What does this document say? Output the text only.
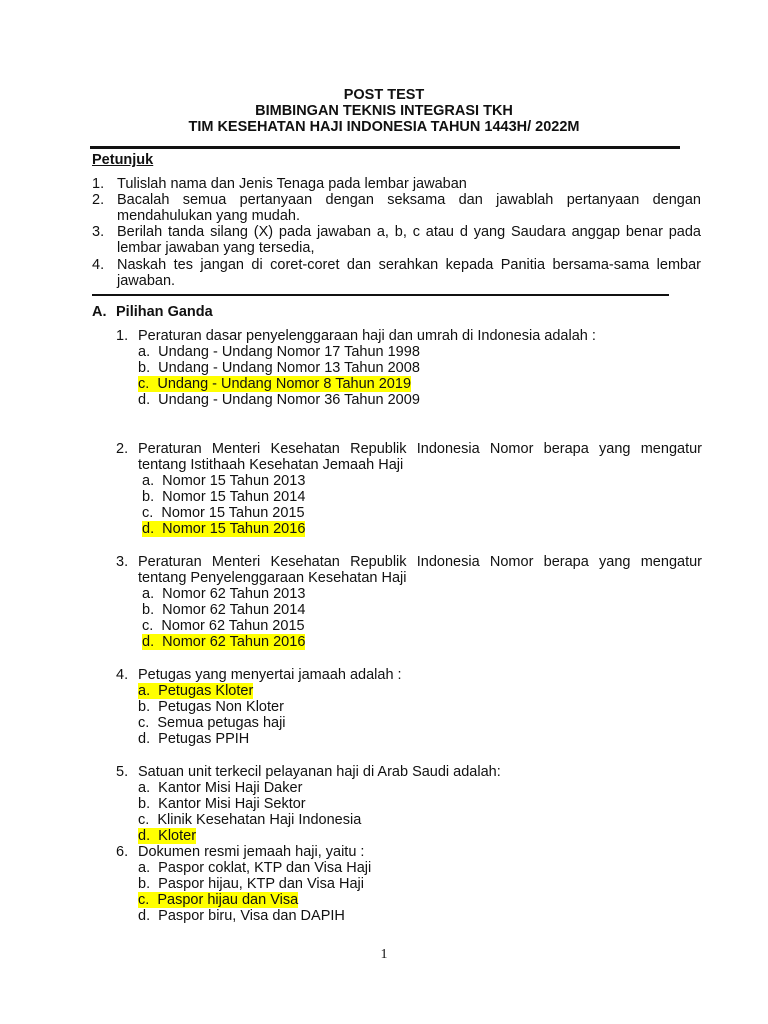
POST TEST
BIMBINGAN TEKNIS INTEGRASI TKH
TIM KESEHATAN HAJI INDONESIA TAHUN 1443H/ 2022M
Petunjuk
1. Tulislah nama dan Jenis Tenaga pada lembar jawaban
2. Bacalah semua pertanyaan dengan seksama dan jawablah pertanyaan dengan
mendahulukan yang mudah.
3. Berilah tanda silang (X) pada jawaban a, b, c atau d yang Saudara anggap benar pada
lembar jawaban yang tersedia,
4. Naskah tes jangan di coret-coret dan serahkan kepada Panitia bersama-sama lembar
jawaban.
A. Pilihan Ganda
1. Peraturan dasar penyelenggaraan haji dan umrah di Indonesia adalah :
a. Undang - Undang Nomor 17 Tahun 1998
b. Undang - Undang Nomor 13 Tahun 2008
c. Undang - Undang Nomor 8 Tahun 2019
d. Undang - Undang Nomor 36 Tahun 2009
2. Peraturan Menteri Kesehatan Republik Indonesia Nomor berapa yang mengatur
tentang Istithaah Kesehatan Jemaah Haji
a. Nomor 15 Tahun 2013
b. Nomor 15 Tahun 2014
c. Nomor 15 Tahun 2015
d. Nomor 15 Tahun 2016
3. Peraturan Menteri Kesehatan Republik Indonesia Nomor berapa yang mengatur
tentang Penyelenggaraan Kesehatan Haji
a. Nomor 62 Tahun 2013
b. Nomor 62 Tahun 2014
c. Nomor 62 Tahun 2015
d. Nomor 62 Tahun 2016
4. Petugas yang menyertai jamaah adalah :
a. Petugas Kloter
b. Petugas Non Kloter
c. Semua petugas haji
d. Petugas PPIH
5. Satuan unit terkecil pelayanan haji di Arab Saudi adalah:
a. Kantor Misi Haji Daker
b. Kantor Misi Haji Sektor
c. Klinik Kesehatan Haji Indonesia
d. Kloter
6. Dokumen resmi jemaah haji, yaitu :
a. Paspor coklat, KTP dan Visa Haji
b. Paspor hijau, KTP dan Visa Haji
c. Paspor hijau dan Visa
d. Paspor biru, Visa dan DAPIH
1
